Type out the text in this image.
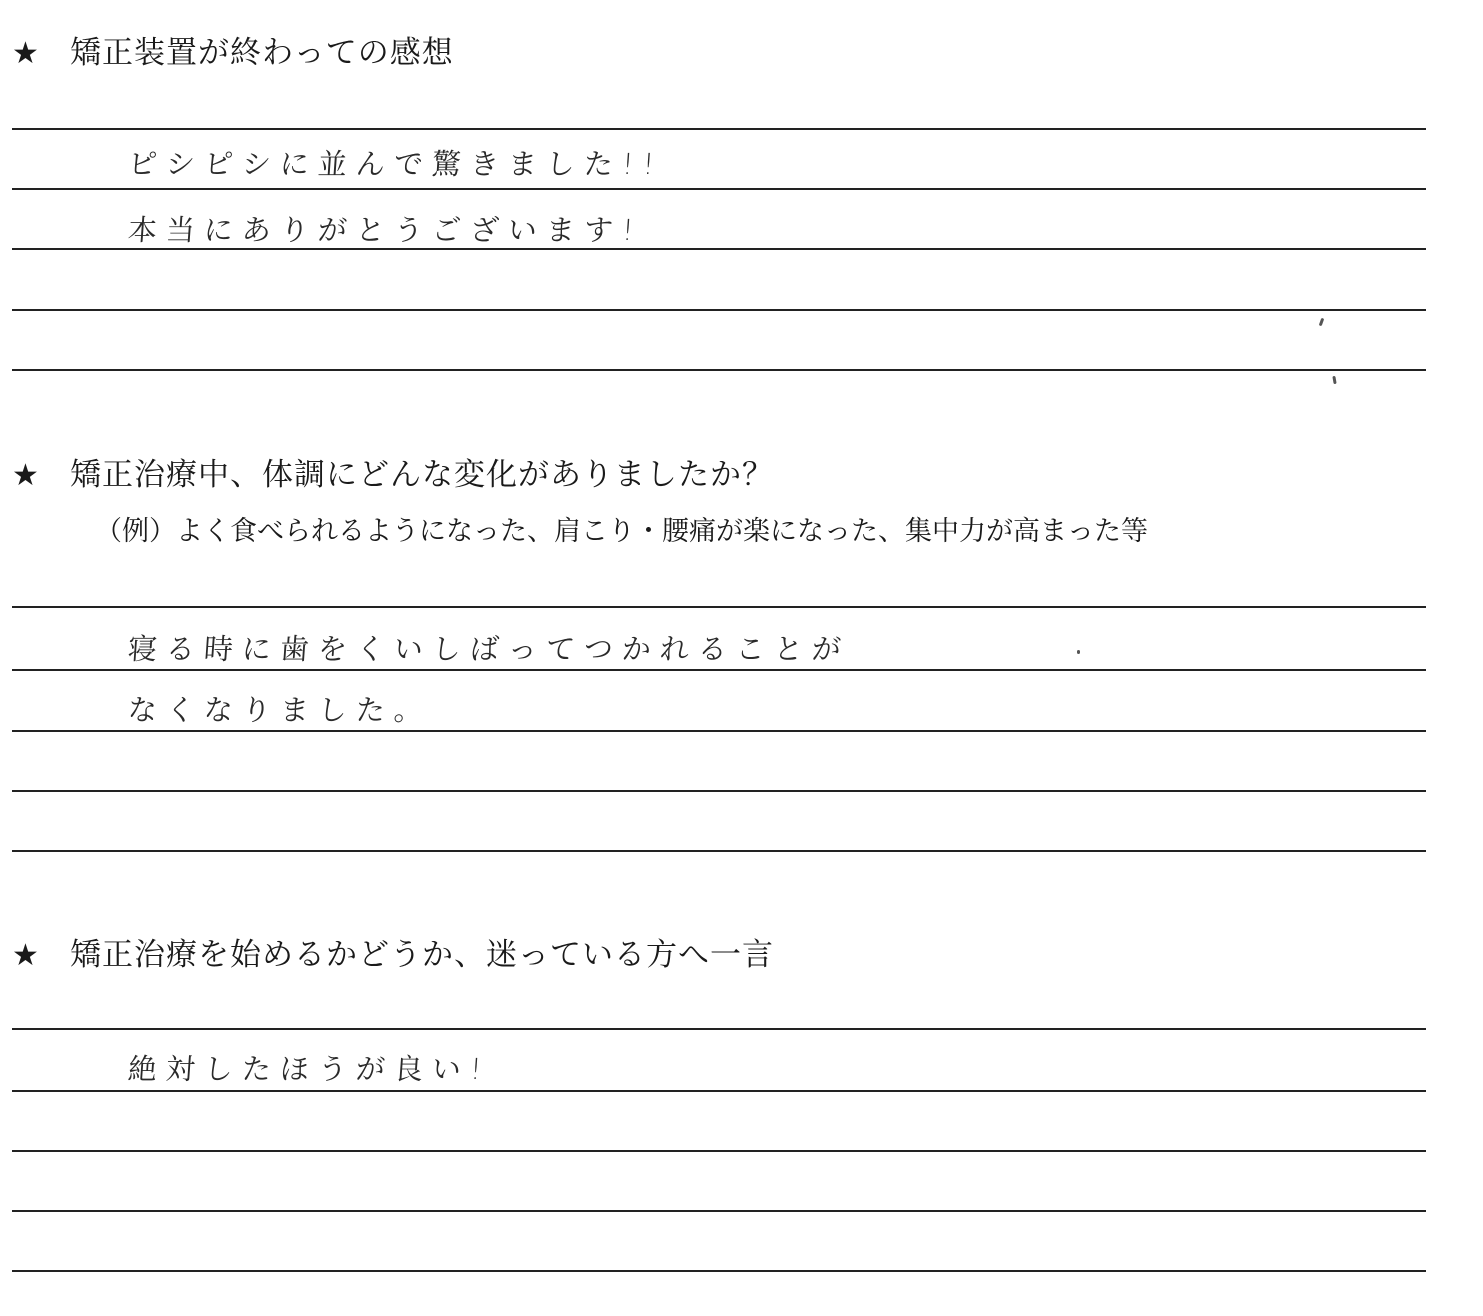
★ 矯正装置が終わっての感想
ピシピシに並んで驚きました!!
本当にありがとうございます!
★ 矯正治療中、体調にどんな変化がありましたか？
（例）よく食べられるようになった、肩こり・腰痛が楽になった、集中力が高まった等
寝る時に歯をくいしばってつかれることが
なくなりました。
★ 矯正治療を始めるかどうか、迷っている方へ一言
絶対したほうが良い!
